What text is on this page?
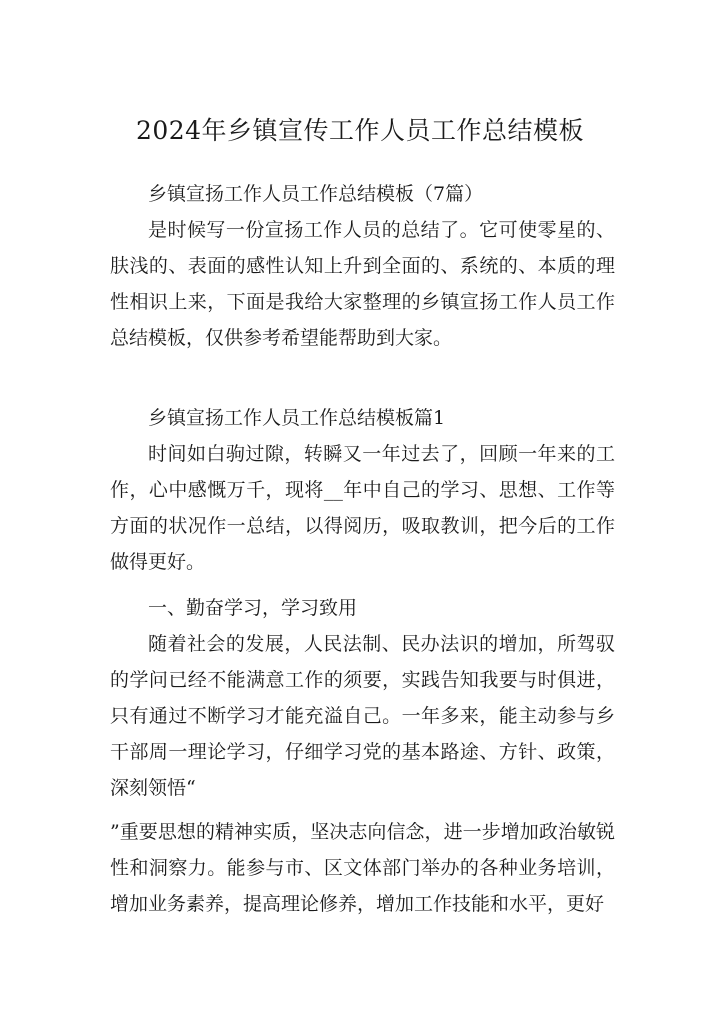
2024年乡镇宣传工作人员工作总结模板

乡镇宣扬工作人员工作总结模板（7篇）

是时候写一份宣扬工作人员的总结了。它可使零星的、肤浅的、表面的感性认知上升到全面的、系统的、本质的理性相识上来，下面是我给大家整理的乡镇宣扬工作人员工作总结模板，仅供参考希望能帮助到大家。

乡镇宣扬工作人员工作总结模板篇1

时间如白驹过隙，转瞬又一年过去了，回顾一年来的工作，心中感慨万千，现将__年中自己的学习、思想、工作等方面的状况作一总结，以得阅历，吸取教训，把今后的工作做得更好。

一、勤奋学习，学习致用

随着社会的发展，人民法制、民办法识的增加，所驾驭的学问已经不能满意工作的须要，实践告知我要与时俱进，只有通过不断学习才能充溢自己。一年多来，能主动参与乡干部周一理论学习，仔细学习党的基本路途、方针、政策，深刻领悟“

”重要思想的精神实质，坚决志向信念，进一步增加政治敏锐性和洞察力。能参与市、区文体部门举办的各种业务培训，增加业务素养，提高理论修养，增加工作技能和水平，更好
